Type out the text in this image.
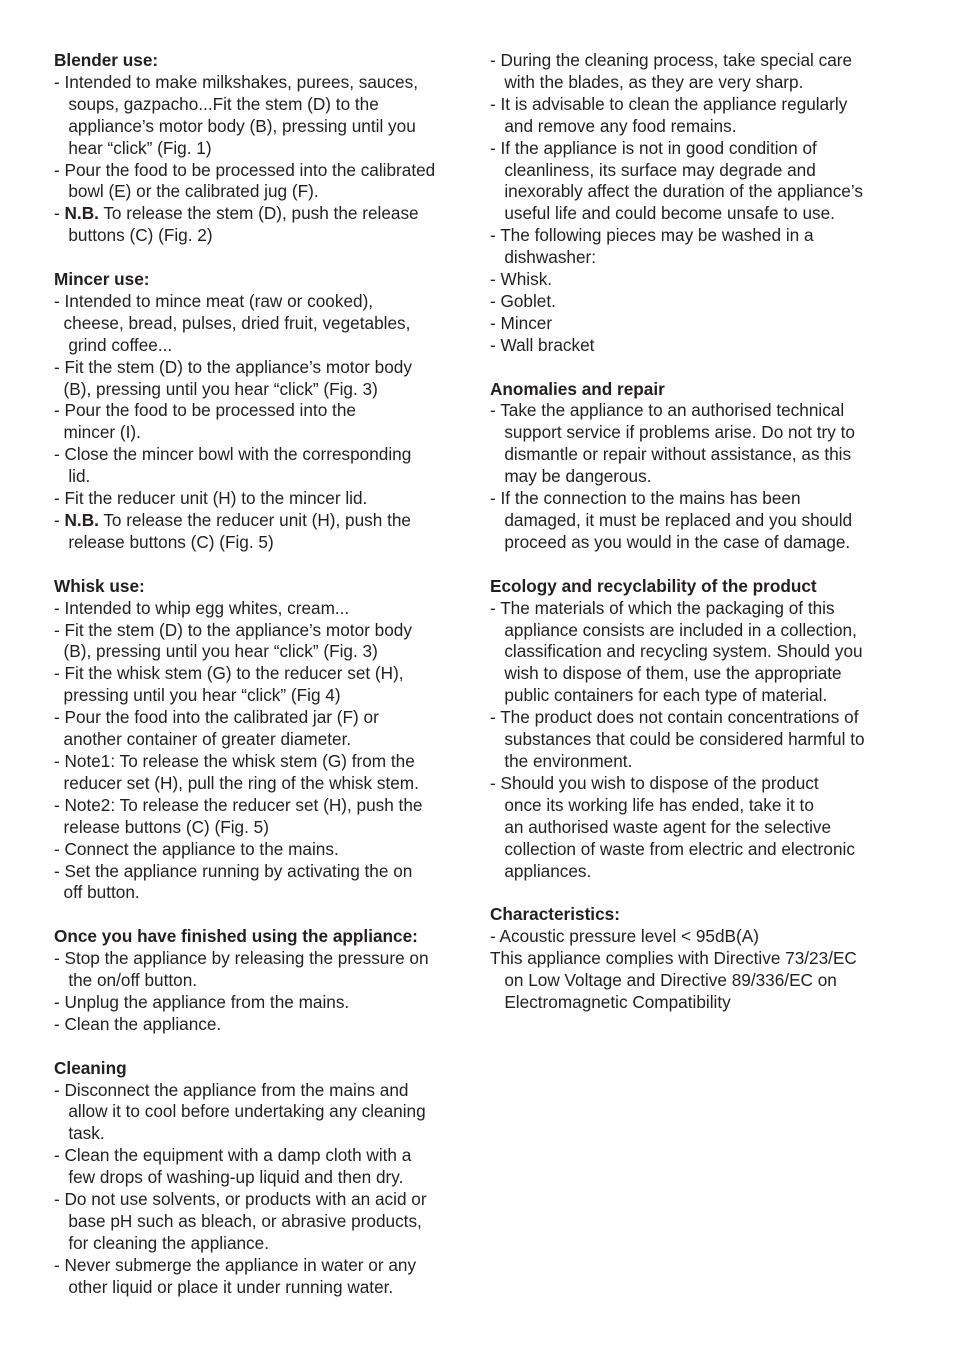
Blender use:
- Intended to make milkshakes, purees, sauces,
soups, gazpacho...Fit the stem (D) to the
appliance’s motor body (B), pressing until you
hear “click” (Fig. 1)
- Pour the food to be processed into the calibrated
bowl (E) or the calibrated jug (F).
- N.B. To release the stem (D), push the release
buttons (C) (Fig. 2)
Mincer use:
- Intended to mince meat (raw or cooked),
cheese, bread, pulses, dried fruit, vegetables,
grind coffee...
- Fit the stem (D) to the appliance’s motor body
(B), pressing until you hear “click” (Fig. 3)
- Pour the food to be processed into the
mincer (I).
- Close the mincer bowl with the corresponding
lid.
- Fit the reducer unit (H) to the mincer lid.
- N.B. To release the reducer unit (H), push the
release buttons (C) (Fig. 5)
Whisk use:
- Intended to whip egg whites, cream...
- Fit the stem (D) to the appliance’s motor body
(B), pressing until you hear “click” (Fig. 3)
- Fit the whisk stem (G) to the reducer set (H),
pressing until you hear “click” (Fig 4)
- Pour the food into the calibrated jar (F) or
another container of greater diameter.
- Note1: To release the whisk stem (G) from the
reducer set (H), pull the ring of the whisk stem.
- Note2: To release the reducer set (H), push the
release buttons (C) (Fig. 5)
- Connect the appliance to the mains.
- Set the appliance running by activating the on
off button.
Once you have finished using the appliance:
- Stop the appliance by releasing the pressure on
the on/off button.
- Unplug the appliance from the mains.
- Clean the appliance.
Cleaning
- Disconnect the appliance from the mains and
allow it to cool before undertaking any cleaning
task.
- Clean the equipment with a damp cloth with a
few drops of washing-up liquid and then dry.
- Do not use solvents, or products with an acid or
base pH such as bleach, or abrasive products,
for cleaning the appliance.
- Never submerge the appliance in water or any
other liquid or place it under running water.
- During the cleaning process, take special care
with the blades, as they are very sharp.
- It is advisable to clean the appliance regularly
and remove any food remains.
- If the appliance is not in good condition of
cleanliness, its surface may degrade and
inexorably affect the duration of the appliance’s
useful life and could become unsafe to use.
- The following pieces may be washed in a
dishwasher:
- Whisk.
- Goblet.
- Mincer
- Wall bracket
Anomalies and repair
- Take the appliance to an authorised technical
support service if problems arise. Do not try to
dismantle or repair without assistance, as this
may be dangerous.
- If the connection to the mains has been
damaged, it must be replaced and you should
proceed as you would in the case of damage.
Ecology and recyclability of the product
- The materials of which the packaging of this
appliance consists are included in a collection,
classification and recycling system. Should you
wish to dispose of them, use the appropriate
public containers for each type of material.
- The product does not contain concentrations of
substances that could be considered harmful to
the environment.
- Should you wish to dispose of the product
once its working life has ended, take it to
an authorised waste agent for the selective
collection of waste from electric and electronic
appliances.
Characteristics:
- Acoustic pressure level < 95dB(A)
This appliance complies with Directive 73/23/EC
on Low Voltage and Directive 89/336/EC on
Electromagnetic Compatibility
